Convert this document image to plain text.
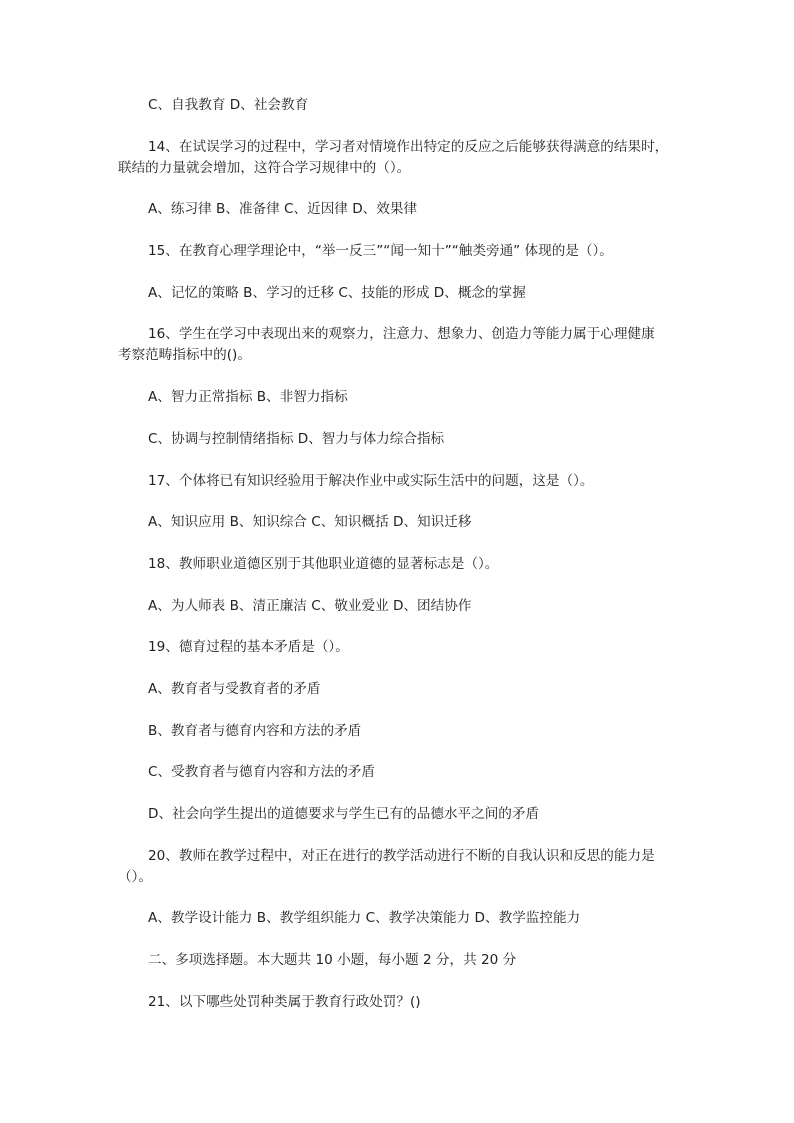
C、自我教育 D、社会教育

14、在试误学习的过程中，学习者对情境作出特定的反应之后能够获得满意的结果时，
联结的力量就会增加，这符合学习规律中的（）。

A、练习律 B、准备律 C、近因律 D、效果律

15、在教育心理学理论中，“举一反三”“闻一知十”“触类旁通” 体现的是（）。

A、记忆的策略 B、学习的迁移 C、技能的形成 D、概念的掌握

16、学生在学习中表现出来的观察力，注意力、想象力、创造力等能力属于心理健康
考察范畴指标中的()。

A、智力正常指标 B、非智力指标

C、协调与控制情绪指标 D、智力与体力综合指标

17、个体将已有知识经验用于解决作业中或实际生活中的问题，这是（）。

A、知识应用 B、知识综合 C、知识概括 D、知识迁移

18、教师职业道德区别于其他职业道德的显著标志是（）。

A、为人师表 B、清正廉洁 C、敬业爱业 D、团结协作

19、德育过程的基本矛盾是（）。

A、教育者与受教育者的矛盾

B、教育者与德育内容和方法的矛盾

C、受教育者与德育内容和方法的矛盾

D、社会向学生提出的道德要求与学生已有的品德水平之间的矛盾

20、教师在教学过程中，对正在进行的教学活动进行不断的自我认识和反思的能力是
（）。

A、教学设计能力 B、教学组织能力 C、教学决策能力 D、教学监控能力

二、多项选择题。本大题共 10 小题，每小题 2 分，共 20 分

21、以下哪些处罚种类属于教育行政处罚？()
